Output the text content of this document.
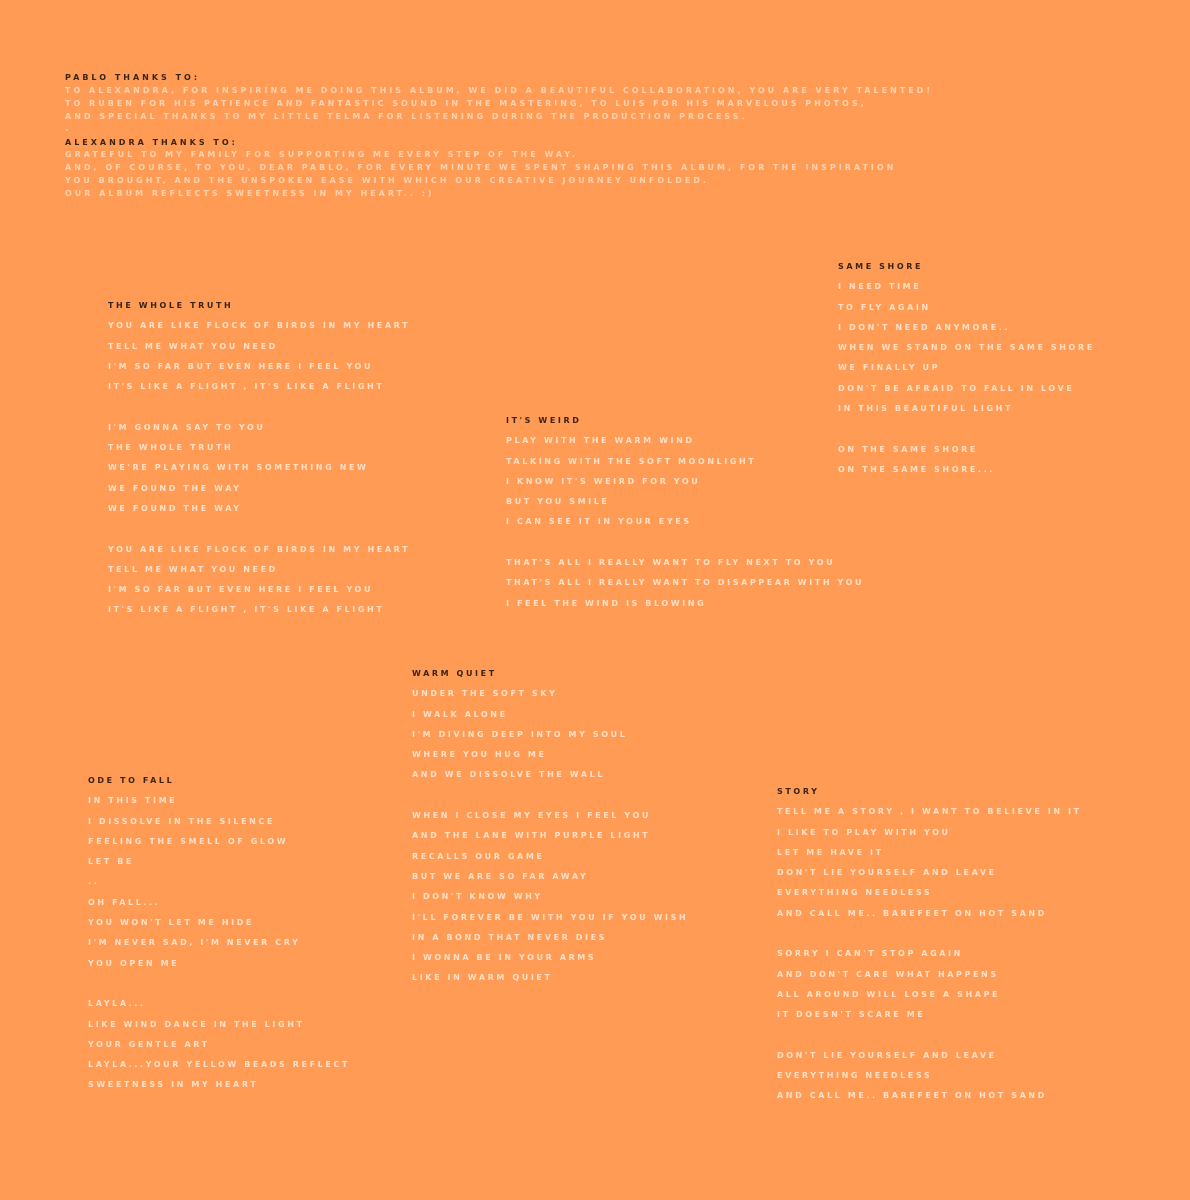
PABLO THANKS TO:
TO ALEXANDRA, FOR INSPIRING ME DOING THIS ALBUM, WE DID A BEAUTIFUL COLLABORATION, YOU ARE VERY TALENTED!
TO RUBEN FOR HIS PATIENCE AND FANTASTIC SOUND IN THE MASTERING, TO LUIS FOR HIS MARVELOUS PHOTOS,
AND SPECIAL THANKS TO MY LITTLE TELMA FOR LISTENING DURING THE PRODUCTION PROCESS.
-
ALEXANDRA THANKS TO:
GRATEFUL TO MY FAMILY FOR SUPPORTING ME EVERY STEP OF THE WAY.
AND, OF COURSE, TO YOU, DEAR PABLO, FOR EVERY MINUTE WE SPENT SHAPING THIS ALBUM, FOR THE INSPIRATION
YOU BROUGHT, AND THE UNSPOKEN EASE WITH WHICH OUR CREATIVE JOURNEY UNFOLDED.
OUR ALBUM REFLECTS SWEETNESS IN MY HEART.. :)
THE WHOLE TRUTH
YOU ARE LIKE FLOCK OF BIRDS IN MY HEART
TELL ME WHAT YOU NEED
I'M SO FAR BUT EVEN HERE I FEEL YOU
IT'S LIKE A FLIGHT , IT'S LIKE A FLIGHT
I'M GONNA SAY TO YOU
THE WHOLE TRUTH
WE'RE PLAYING WITH SOMETHING NEW
WE FOUND THE WAY
WE FOUND THE WAY
YOU ARE LIKE FLOCK OF BIRDS IN MY HEART
TELL ME WHAT YOU NEED
I'M SO FAR BUT EVEN HERE I FEEL YOU
IT'S LIKE A FLIGHT , IT'S LIKE A FLIGHT
SAME SHORE
I NEED TIME
TO FLY AGAIN
I DON'T NEED ANYMORE..
WHEN WE STAND ON THE SAME SHORE
WE FINALLY UP
DON'T BE AFRAID TO FALL IN LOVE
IN THIS BEAUTIFUL LIGHT
ON THE SAME SHORE
ON THE SAME SHORE...
IT'S WEIRD
PLAY WITH THE WARM WIND
TALKING WITH THE SOFT MOONLIGHT
I KNOW IT'S WEIRD FOR YOU
BUT YOU SMILE
I CAN SEE IT IN YOUR EYES
THAT'S ALL I REALLY WANT TO FLY NEXT TO YOU
THAT'S ALL I REALLY WANT TO DISAPPEAR WITH YOU
I FEEL THE WIND IS BLOWING
WARM QUIET
UNDER THE SOFT SKY
I WALK ALONE
I'M DIVING DEEP INTO MY SOUL
WHERE YOU HUG ME
AND WE DISSOLVE THE WALL
WHEN I CLOSE MY EYES I FEEL YOU
AND THE LANE WITH PURPLE LIGHT
RECALLS OUR GAME
BUT WE ARE SO FAR AWAY
I DON'T KNOW WHY
I'LL FOREVER BE WITH YOU IF YOU WISH
IN A BOND THAT NEVER DIES
I WONNA BE IN YOUR ARMS
LIKE IN WARM QUIET
ODE TO FALL
IN THIS TIME
I DISSOLVE IN THE SILENCE
FEELING THE SMELL OF GLOW
LET BE
..
OH FALL...
YOU WON'T LET ME HIDE
I'M NEVER SAD, I'M NEVER CRY
YOU OPEN ME
LAYLA...
LIKE WIND DANCE IN THE LIGHT
YOUR GENTLE ART
LAYLA...YOUR YELLOW BEADS REFLECT
SWEETNESS IN MY HEART
STORY
TELL ME A STORY , I WANT TO BELIEVE IN IT
I LIKE TO PLAY WITH YOU
LET ME HAVE IT
DON'T LIE YOURSELF AND LEAVE
EVERYTHING NEEDLESS
AND CALL ME.. BAREFEET ON HOT SAND
SORRY I CAN'T STOP AGAIN
AND DON'T CARE WHAT HAPPENS
ALL AROUND WILL LOSE A SHAPE
IT DOESN'T SCARE ME
DON'T LIE YOURSELF AND LEAVE
EVERYTHING NEEDLESS
AND CALL ME.. BAREFEET ON HOT SAND
